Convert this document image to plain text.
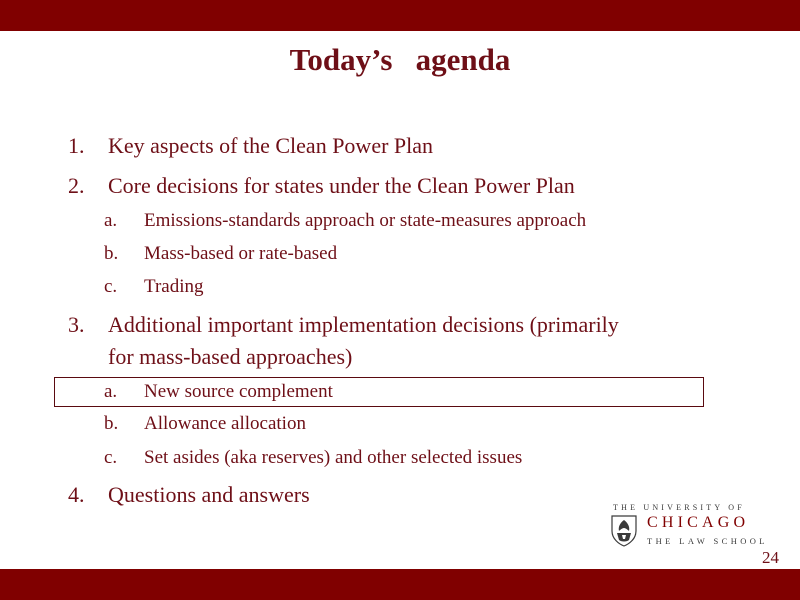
Today’s   agenda

1.

Key aspects of the Clean Power Plan

2.

Core decisions for states under the Clean Power Plan

a.

Emissions-standards approach or state-measures approach

b.

Mass-based or rate-based

c.

Trading

3.

Additional important implementation decisions (primarily

for mass-based approaches)

a.

New source complement

b.

Allowance allocation

c.

Set asides (aka reserves) and other selected issues

4.

Questions and answers

THE UNIVERSITY OF
CHICAGO
THE LAW SCHOOL
24
